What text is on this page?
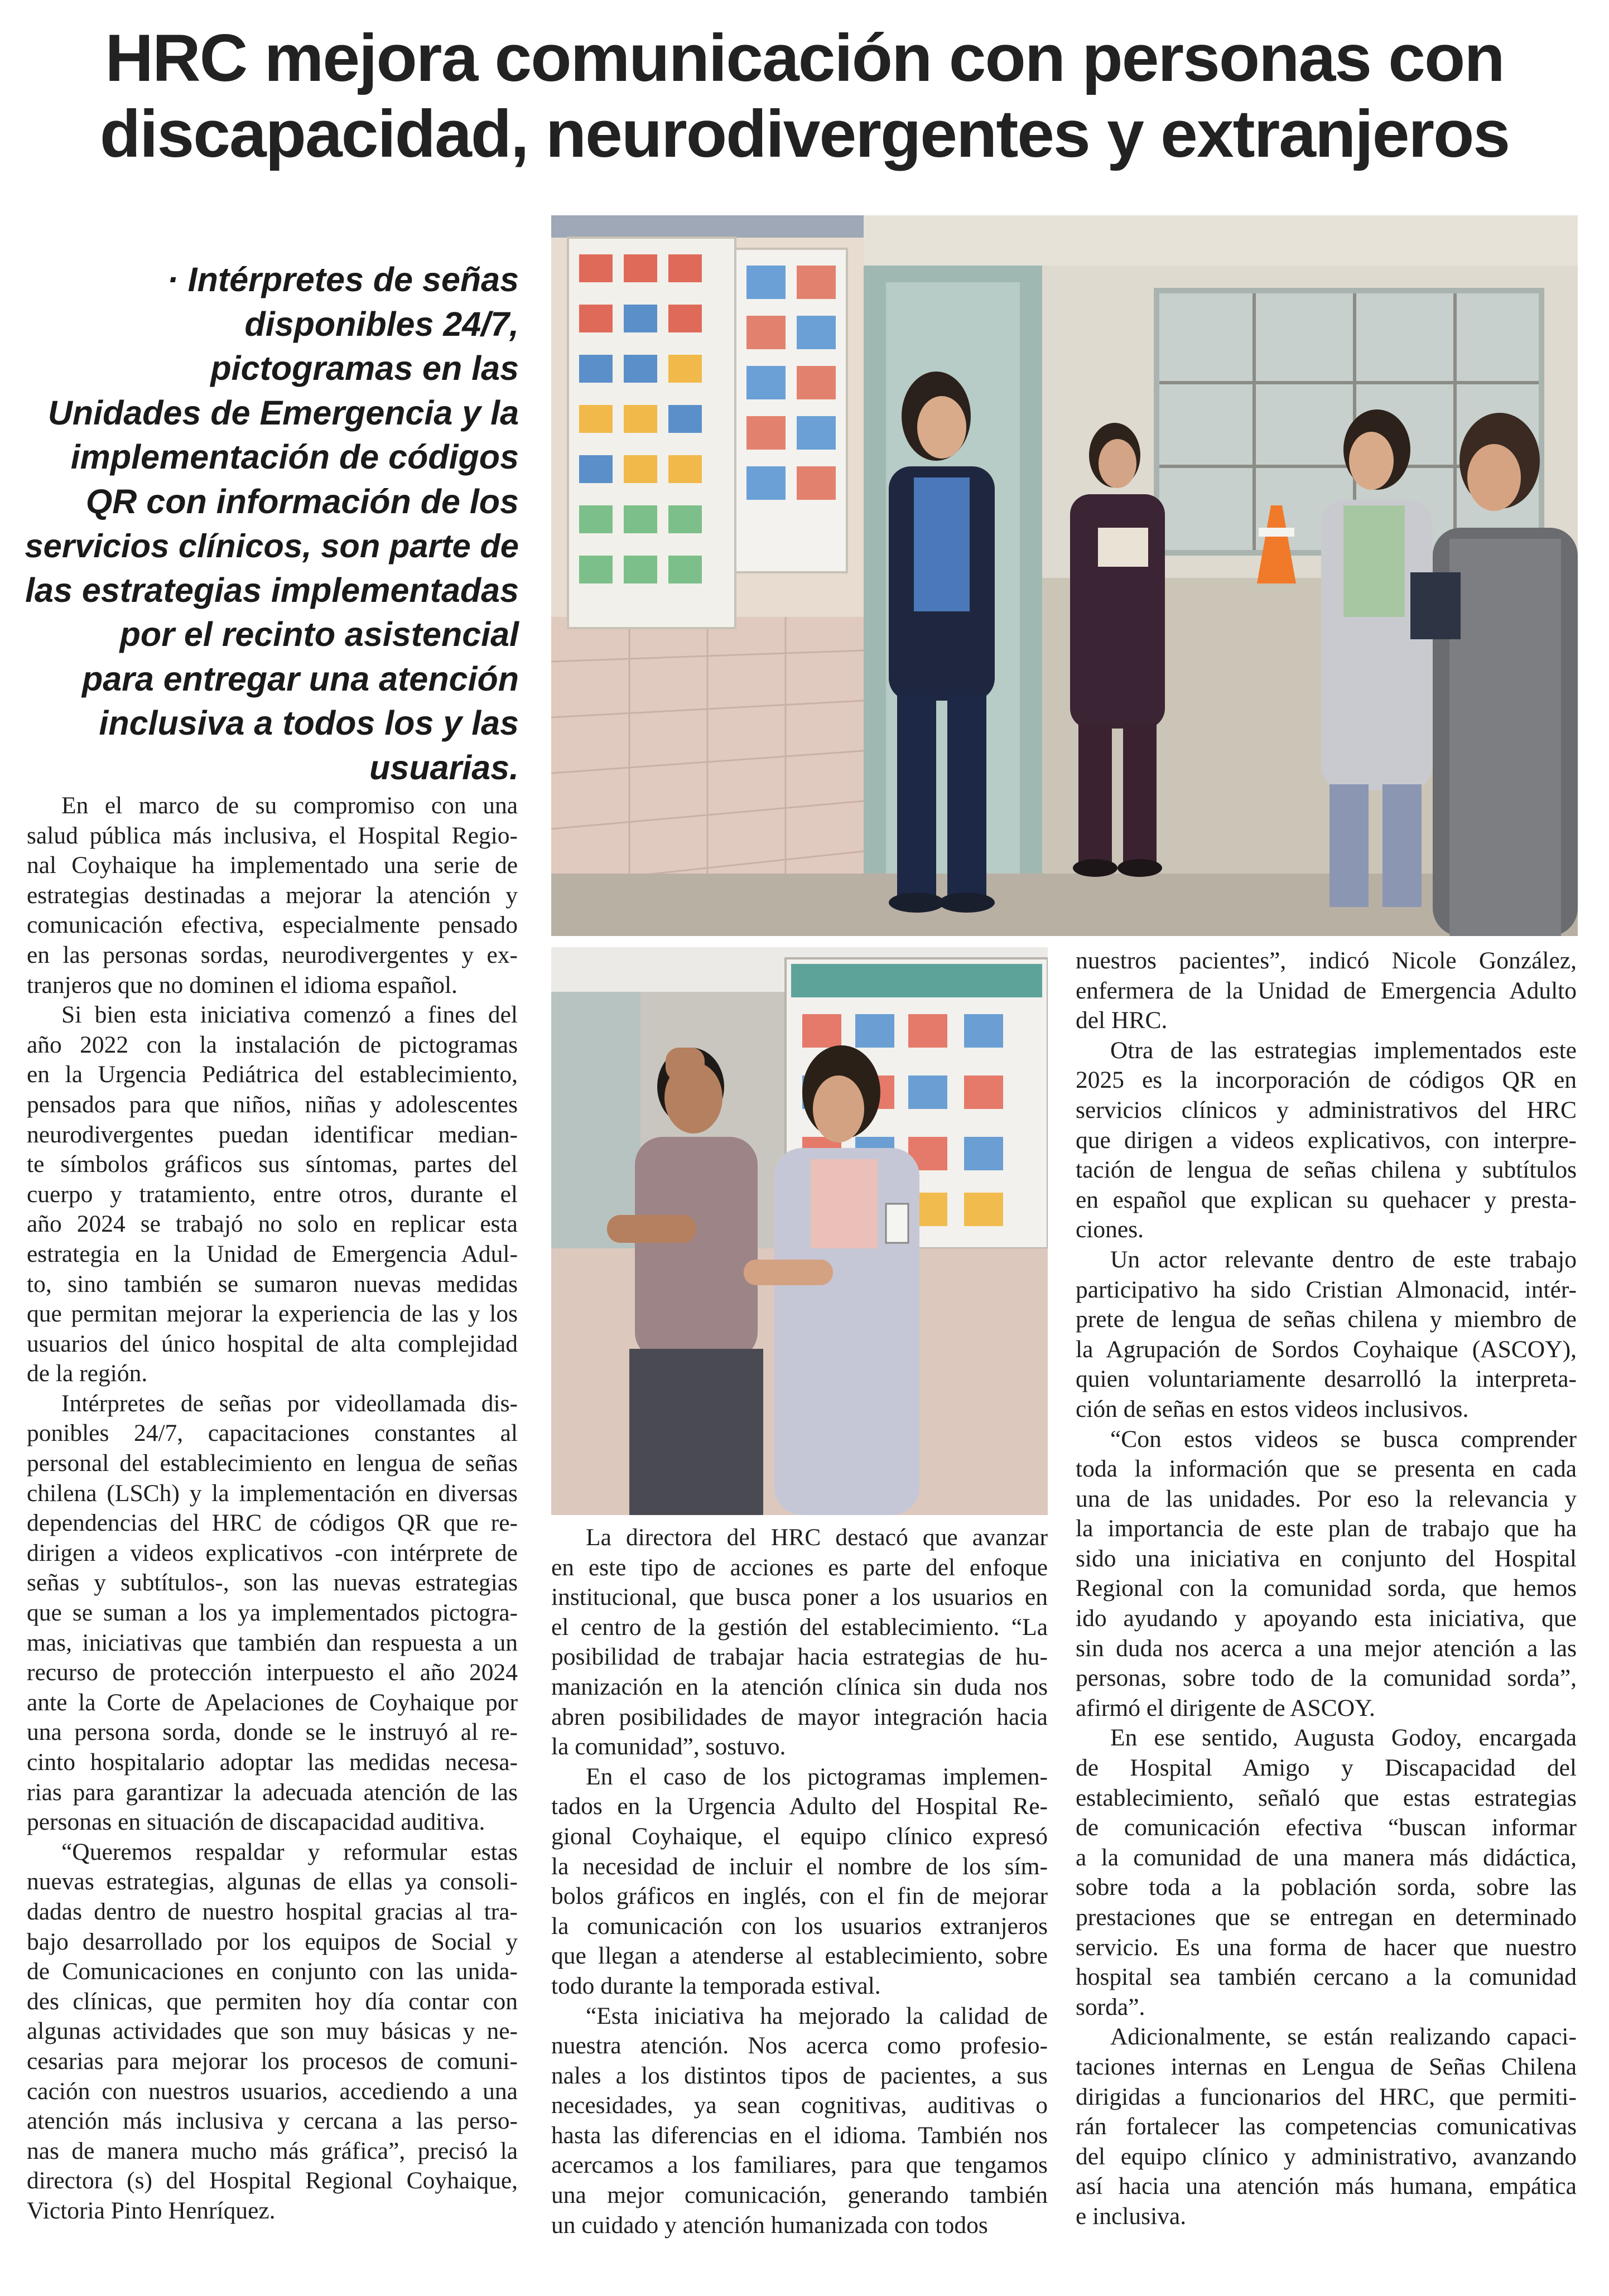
HRC mejora comunicación con personas con
discapacidad, neurodivergentes y extranjeros
· Intérpretes de señas
disponibles 24/7,
pictogramas en las
Unidades de Emergencia y la
implementación de códigos
QR con información de los
servicios clínicos, son parte de
las estrategias implementadas
por el recinto asistencial
para entregar una atención
inclusiva a todos los y las
usuarias.
En el marco de su compromiso con una
salud pública más inclusiva, el Hospital Regio-
nal Coyhaique ha implementado una serie de
estrategias destinadas a mejorar la atención y
comunicación efectiva, especialmente pensado
en las personas sordas, neurodivergentes y ex-
tranjeros que no dominen el idioma español.
Si bien esta iniciativa comenzó a fines del
año 2022 con la instalación de pictogramas
en la Urgencia Pediátrica del establecimiento,
pensados para que niños, niñas y adolescentes
neurodivergentes puedan identificar median-
te símbolos gráficos sus síntomas, partes del
cuerpo y tratamiento, entre otros, durante el
año 2024 se trabajó no solo en replicar esta
estrategia en la Unidad de Emergencia Adul-
to, sino también se sumaron nuevas medidas
que permitan mejorar la experiencia de las y los
usuarios del único hospital de alta complejidad
de la región.
Intérpretes de señas por videollamada dis-
ponibles 24/7, capacitaciones constantes al
personal del establecimiento en lengua de señas
chilena (LSCh) y la implementación en diversas
dependencias del HRC de códigos QR que re-
dirigen a videos explicativos -con intérprete de
señas y subtítulos-, son las nuevas estrategias
que se suman a los ya implementados pictogra-
mas, iniciativas que también dan respuesta a un
recurso de protección interpuesto el año 2024
ante la Corte de Apelaciones de Coyhaique por
una persona sorda, donde se le instruyó al re-
cinto hospitalario adoptar las medidas necesa-
rias para garantizar la adecuada atención de las
personas en situación de discapacidad auditiva.
“Queremos respaldar y reformular estas
nuevas estrategias, algunas de ellas ya consoli-
dadas dentro de nuestro hospital gracias al tra-
bajo desarrollado por los equipos de Social y
de Comunicaciones en conjunto con las unida-
des clínicas, que permiten hoy día contar con
algunas actividades que son muy básicas y ne-
cesarias para mejorar los procesos de comuni-
cación con nuestros usuarios, accediendo a una
atención más inclusiva y cercana a las perso-
nas de manera mucho más gráfica”, precisó la
directora (s) del Hospital Regional Coyhaique,
Victoria Pinto Henríquez.
La directora del HRC destacó que avanzar
en este tipo de acciones es parte del enfoque
institucional, que busca poner a los usuarios en
el centro de la gestión del establecimiento. “La
posibilidad de trabajar hacia estrategias de hu-
manización en la atención clínica sin duda nos
abren posibilidades de mayor integración hacia
la comunidad”, sostuvo.
En el caso de los pictogramas implemen-
tados en la Urgencia Adulto del Hospital Re-
gional Coyhaique, el equipo clínico expresó
la necesidad de incluir el nombre de los sím-
bolos gráficos en inglés, con el fin de mejorar
la comunicación con los usuarios extranjeros
que llegan a atenderse al establecimiento, sobre
todo durante la temporada estival.
“Esta iniciativa ha mejorado la calidad de
nuestra atención. Nos acerca como profesio-
nales a los distintos tipos de pacientes, a sus
necesidades, ya sean cognitivas, auditivas o
hasta las diferencias en el idioma. También nos
acercamos a los familiares, para que tengamos
una mejor comunicación, generando también
un cuidado y atención humanizada con todos
nuestros pacientes”, indicó Nicole González,
enfermera de la Unidad de Emergencia Adulto
del HRC.
Otra de las estrategias implementados este
2025 es la incorporación de códigos QR en
servicios clínicos y administrativos del HRC
que dirigen a videos explicativos, con interpre-
tación de lengua de señas chilena y subtítulos
en español que explican su quehacer y presta-
ciones.
Un actor relevante dentro de este trabajo
participativo ha sido Cristian Almonacid, intér-
prete de lengua de señas chilena y miembro de
la Agrupación de Sordos Coyhaique (ASCOY),
quien voluntariamente desarrolló la interpreta-
ción de señas en estos videos inclusivos.
“Con estos videos se busca comprender
toda la información que se presenta en cada
una de las unidades. Por eso la relevancia y
la importancia de este plan de trabajo que ha
sido una iniciativa en conjunto del Hospital
Regional con la comunidad sorda, que hemos
ido ayudando y apoyando esta iniciativa, que
sin duda nos acerca a una mejor atención a las
personas, sobre todo de la comunidad sorda”,
afirmó el dirigente de ASCOY.
En ese sentido, Augusta Godoy, encargada
de Hospital Amigo y Discapacidad del
establecimiento, señaló que estas estrategias
de comunicación efectiva “buscan informar
a la comunidad de una manera más didáctica,
sobre toda a la población sorda, sobre las
prestaciones que se entregan en determinado
servicio. Es una forma de hacer que nuestro
hospital sea también cercano a la comunidad
sorda”.
Adicionalmente, se están realizando capaci-
taciones internas en Lengua de Señas Chilena
dirigidas a funcionarios del HRC, que permiti-
rán fortalecer las competencias comunicativas
del equipo clínico y administrativo, avanzando
así hacia una atención más humana, empática
e inclusiva.
